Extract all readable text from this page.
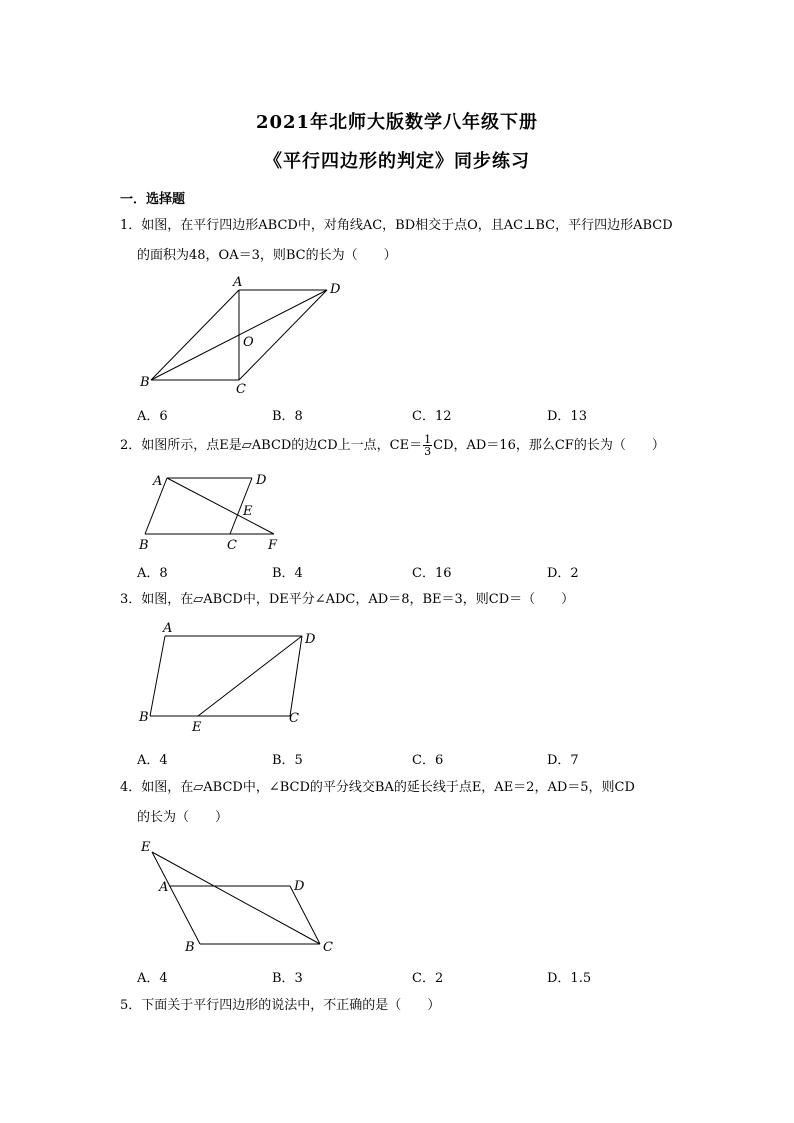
2021年北师大版数学八年级下册
《平行四边形的判定》同步练习
一．选择题
1．如图，在平行四边形ABCD中，对角线AC，BD相交于点O，且AC⊥BC，平行四边形ABCD
的面积为48，OA＝3，则BC的长为（　　）
A	D
O
B	C
A．6	B．8	C．12	D．13
2．如图所示，点E是▱ABCD的边CD上一点，$CE= \frac{1}{3}$ CD，AD＝16，那么CF的长为（　　）
A	D
E
B	C F
A．8	B．4	C．16	D．2
3．如图，在▱ABCD中，DE平分∠ADC，AD＝8，BE＝3，则CD＝（　　）
A
D
B
E
C
A．4	B．5	C．6	D．7
4．如图，在▱ABCD中，∠BCD的平分线交BA的延长线于点E，AE＝2，AD＝5，则CD
的长为（　　）
E
A	D
B	C
A．4	B．3	C．2	D．1.5
5．下面关于平行四边形的说法中，不正确的是（　　）
